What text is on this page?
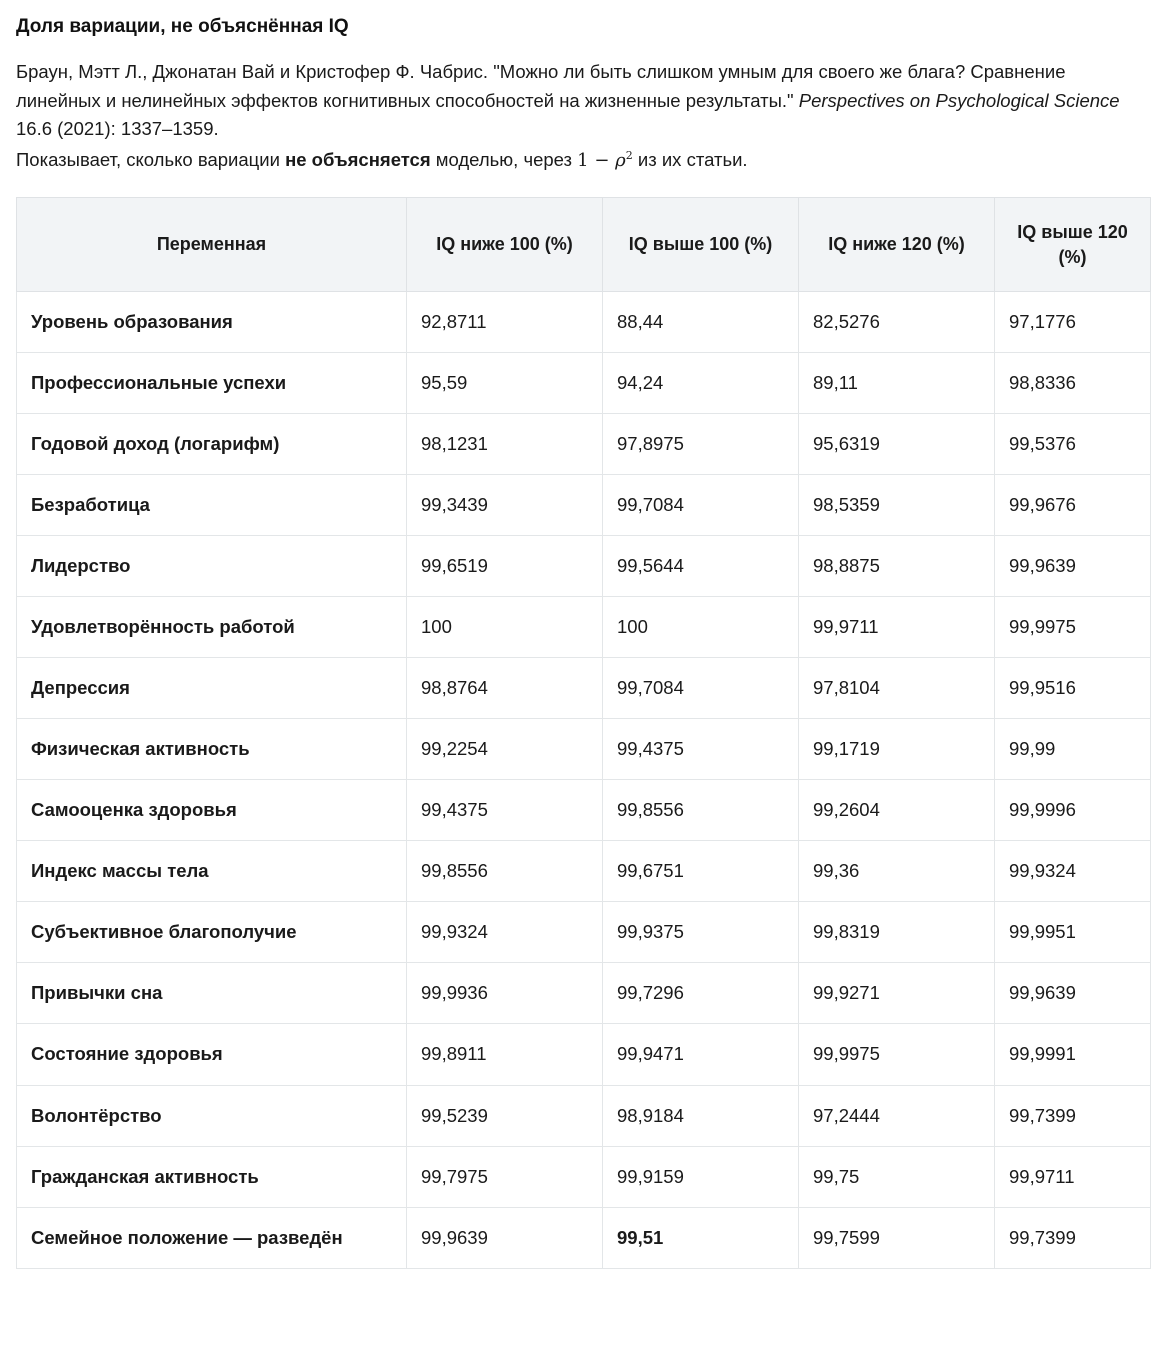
Доля вариации, не объяснённая IQ

Браун, Мэтт Л., Джонатан Вай и Кристофер Ф. Чабрис. "Можно ли быть слишком умным для своего же блага? Сравнение линейных и нелинейных эффектов когнитивных способностей на жизненные результаты." Perspectives on Psychological Science 16.6 (2021): 1337–1359.

Показывает, сколько вариации не объясняется моделью, через $1 - \rho^2$ из их статьи.

Переменная	IQ ниже 100 (%)	IQ выше 100 (%)	IQ ниже 120 (%)	IQ выше 120 (%)
Уровень образования	92,8711	88,44	82,5276	97,1776
Профессиональные успехи	95,59	94,24	89,11	98,8336
Годовой доход (логарифм)	98,1231	97,8975	95,6319	99,5376
Безработица	99,3439	99,7084	98,5359	99,9676
Лидерство	99,6519	99,5644	98,8875	99,9639
Удовлетворённость работой	100	100	99,9711	99,9975
Депрессия	98,8764	99,7084	97,8104	99,9516
Физическая активность	99,2254	99,4375	99,1719	99,99
Самооценка здоровья	99,4375	99,8556	99,2604	99,9996
Индекс массы тела	99,8556	99,6751	99,36	99,9324
Субъективное благополучие	99,9324	99,9375	99,8319	99,9951
Привычки сна	99,9936	99,7296	99,9271	99,9639
Состояние здоровья	99,8911	99,9471	99,9975	99,9991
Волонтёрство	99,5239	98,9184	97,2444	99,7399
Гражданская активность	99,7975	99,9159	99,75	99,9711
Семейное положение — разведён	99,9639	99,51	99,7599	99,7399
